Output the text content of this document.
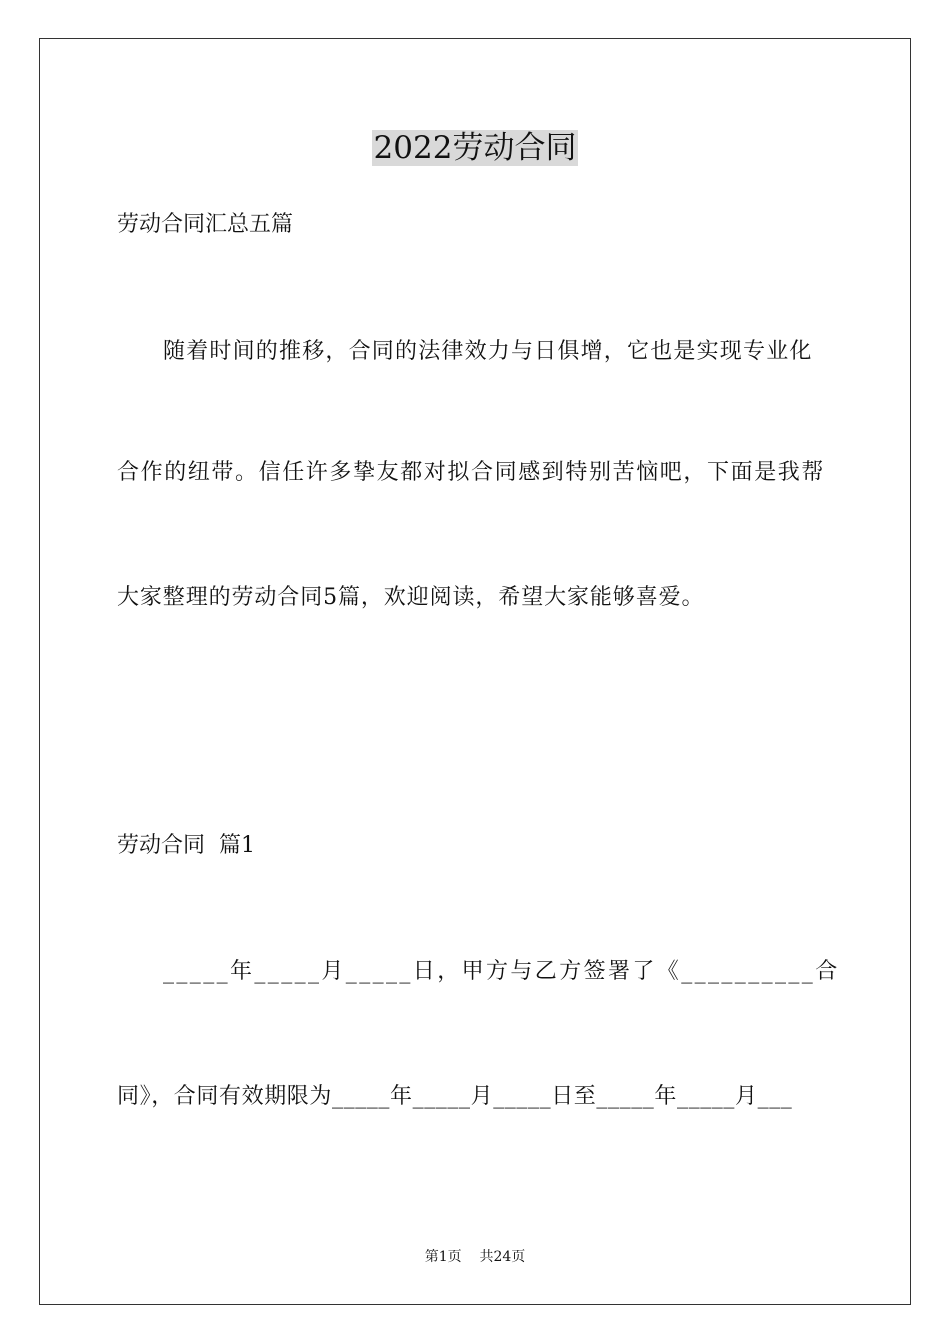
2022劳动合同
劳动合同汇总五篇
随着时间的推移，合同的法律效力与日俱增，它也是实现专业化
合作的纽带。信任许多挚友都对拟合同感到特别苦恼吧，下面是我帮
大家整理的劳动合同5篇，欢迎阅读，希望大家能够喜爱。
劳动合同  篇1
_____年_____月_____日，甲方与乙方签署了《__________合
同》，合同有效期限为_____年_____月_____日至_____年_____月___
第1页    共24页
